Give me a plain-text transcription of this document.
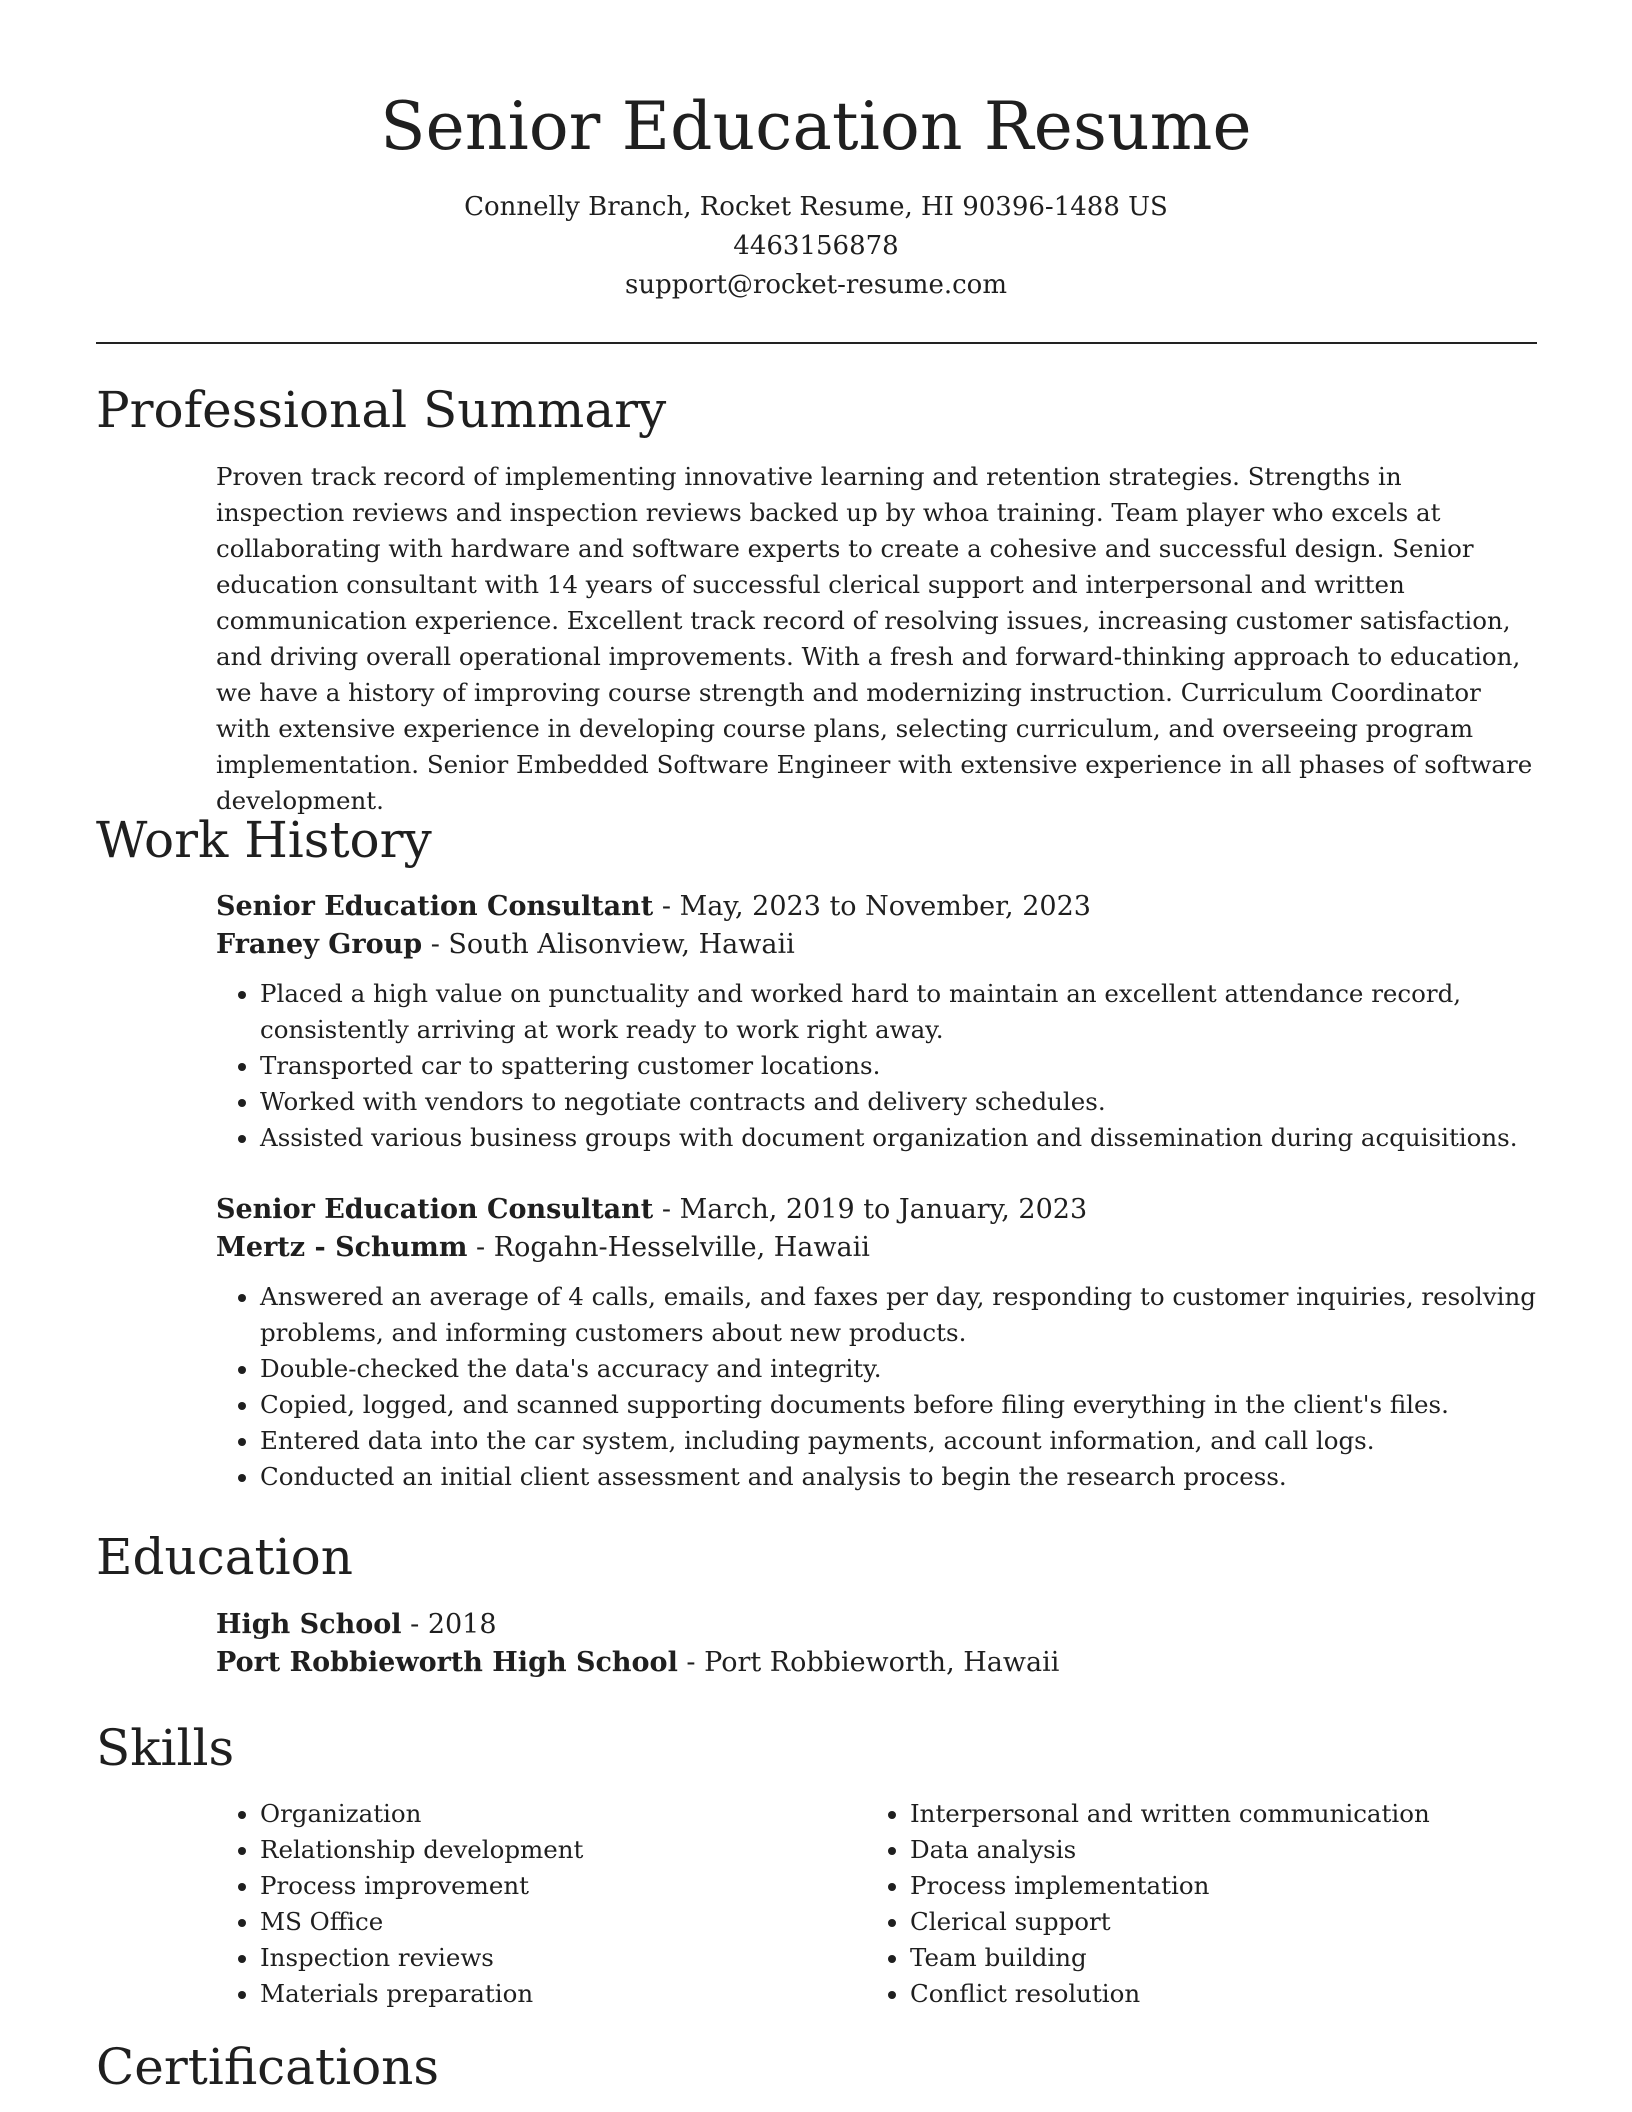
Senior Education Resume
Connelly Branch, Rocket Resume, HI 90396-1488 US
4463156878
support@rocket-resume.com
Professional Summary

Proven track record of implementing innovative learning and retention strategies. Strengths in inspection reviews and inspection reviews backed up by whoa training. Team player who excels at collaborating with hardware and software experts to create a cohesive and successful design. Senior education consultant with 14 years of successful clerical support and interpersonal and written communication experience. Excellent track record of resolving issues, increasing customer satisfaction, and driving overall operational improvements. With a fresh and forward-thinking approach to education, we have a history of improving course strength and modernizing instruction. Curriculum Coordinator with extensive experience in developing course plans, selecting curriculum, and overseeing program implementation. Senior Embedded Software Engineer with extensive experience in all phases of software development.

Work History
Senior Education Consultant - May, 2023 to November, 2023
Franey Group - South Alisonview, Hawaii
• Placed a high value on punctuality and worked hard to maintain an excellent attendance record, consistently arriving at work ready to work right away.
• Transported car to spattering customer locations.
• Worked with vendors to negotiate contracts and delivery schedules.
• Assisted various business groups with document organization and dissemination during acquisitions.
Senior Education Consultant - March, 2019 to January, 2023
Mertz - Schumm - Rogahn-Hesselville, Hawaii
• Answered an average of 4 calls, emails, and faxes per day, responding to customer inquiries, resolving problems, and informing customers about new products.
• Double-checked the data's accuracy and integrity.
• Copied, logged, and scanned supporting documents before filing everything in the client's files.
• Entered data into the car system, including payments, account information, and call logs.
• Conducted an initial client assessment and analysis to begin the research process.
Education
High School - 2018
Port Robbieworth High School - Port Robbieworth, Hawaii
Skills
• Organization
• Relationship development
• Process improvement
• MS Office
• Inspection reviews
• Materials preparation
• Interpersonal and written communication
• Data analysis
• Process implementation
• Clerical support
• Team building
• Conflict resolution
Certifications
